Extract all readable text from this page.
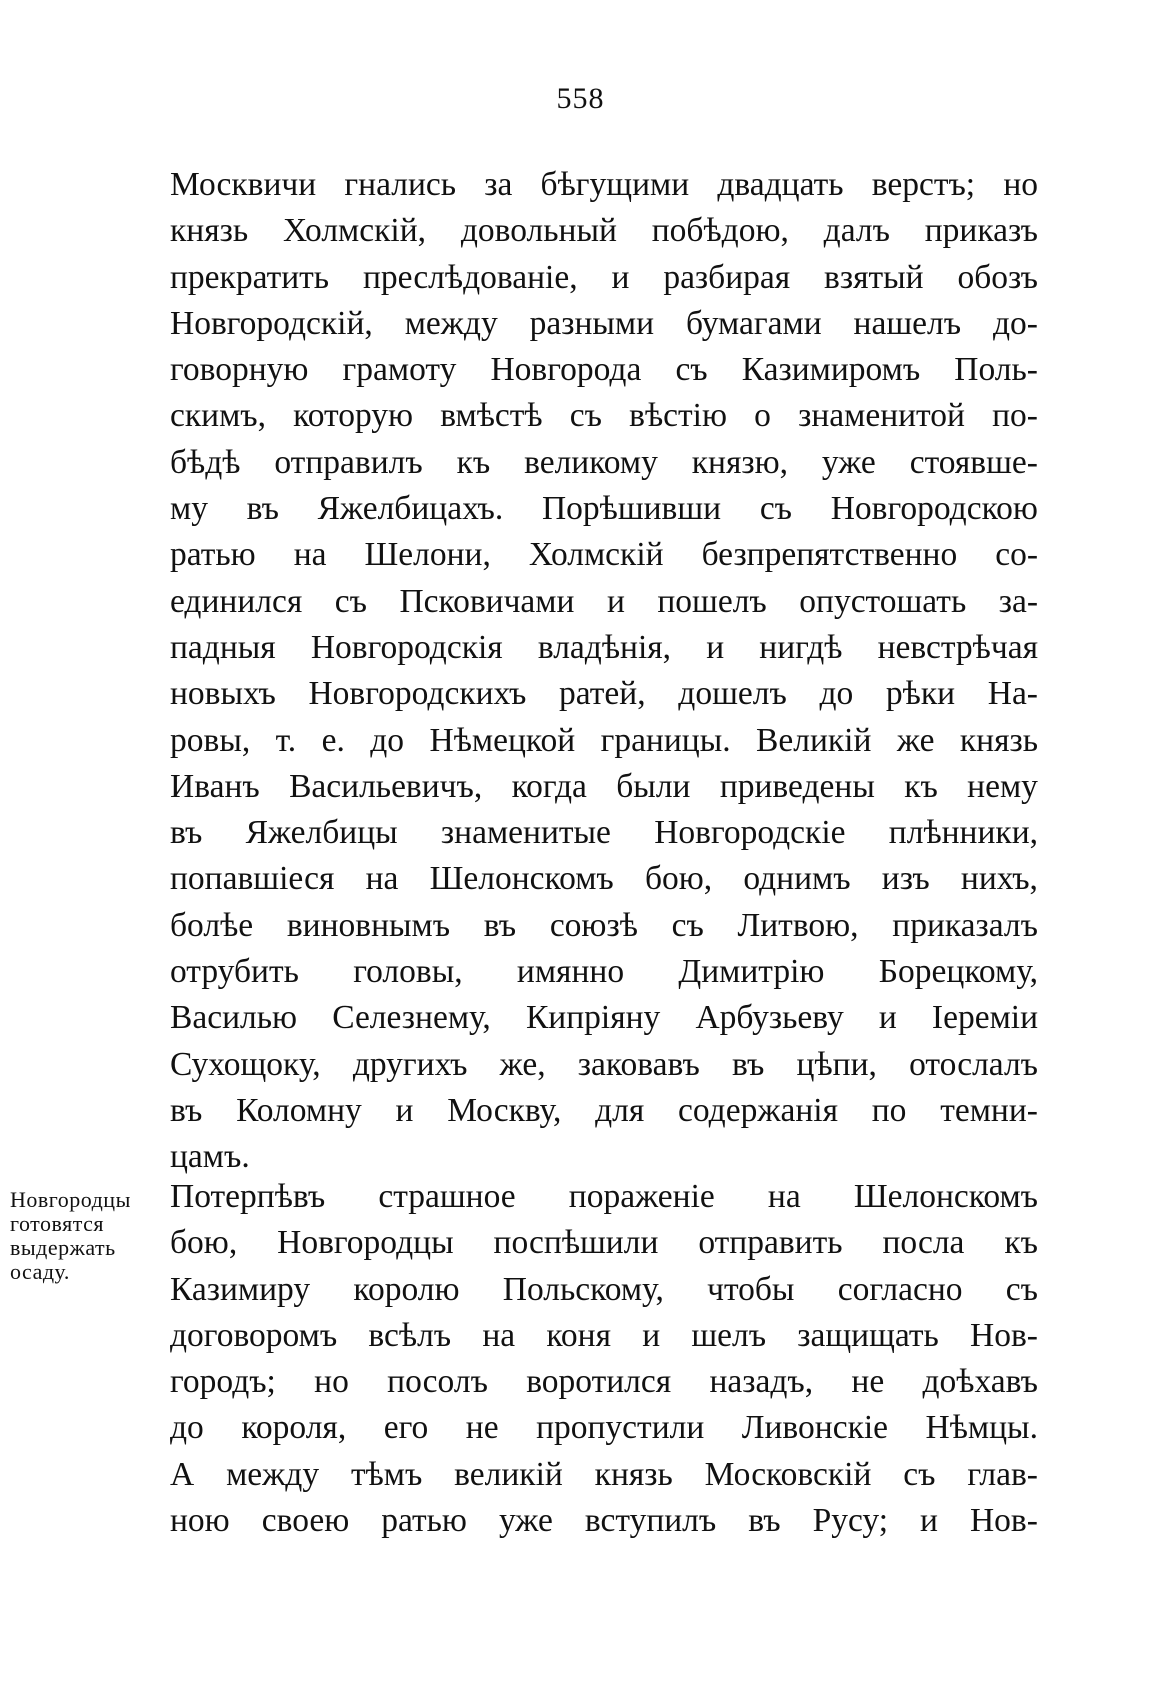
558
Новгородцы
готовятся
выдержать
осаду.
Москвичи гнались за бѣгущими двадцать верстъ; но
князь Холмскій, довольный побѣдою, далъ приказъ
прекратить преслѣдованіе, и разбирая взятый обозъ
Новгородскій, между разными бумагами нашелъ до-
говорную грамоту Новгорода съ Казимиромъ Поль-
скимъ, которую вмѣстѣ съ вѣстію о знаменитой по-
бѣдѣ отправилъ къ великому князю, уже стоявше-
му въ Яжелбицахъ. Порѣшивши съ Новгородскою
ратью на Шелони, Холмскій безпрепятственно со-
единился съ Псковичами и пошелъ опустошать за-
падныя Новгородскія владѣнія, и нигдѣ невстрѣчая
новыхъ Новгородскихъ ратей, дошелъ до рѣки На-
ровы, т. е. до Нѣмецкой границы. Великій же князь
Иванъ Васильевичъ, когда были приведены къ нему
въ Яжелбицы знаменитые Новгородскіе плѣнники,
попавшіеся на Шелонскомъ бою, однимъ изъ нихъ,
болѣе виновнымъ въ союзѣ съ Литвою, приказалъ
отрубить головы, имянно Димитрію Борецкому,
Василью Селезнему, Кипріяну Арбузьеву и Іереміи
Сухощоку, другихъ же, заковавъ въ цѣпи, отослалъ
въ Коломну и Москву, для содержанія по темни-
цамъ.
Потерпѣвъ страшное пораженіе на Шелонскомъ
бою, Новгородцы поспѣшили отправить посла къ
Казимиру королю Польскому, чтобы согласно съ
договоромъ всѣлъ на коня и шелъ защищать Нов-
городъ; но посолъ воротился назадъ, не доѣхавъ
до короля, его не пропустили Ливонскіе Нѣмцы.
А между тѣмъ великій князь Московскій съ глав-
ною своею ратью уже вступилъ въ Русу; и Нов-
